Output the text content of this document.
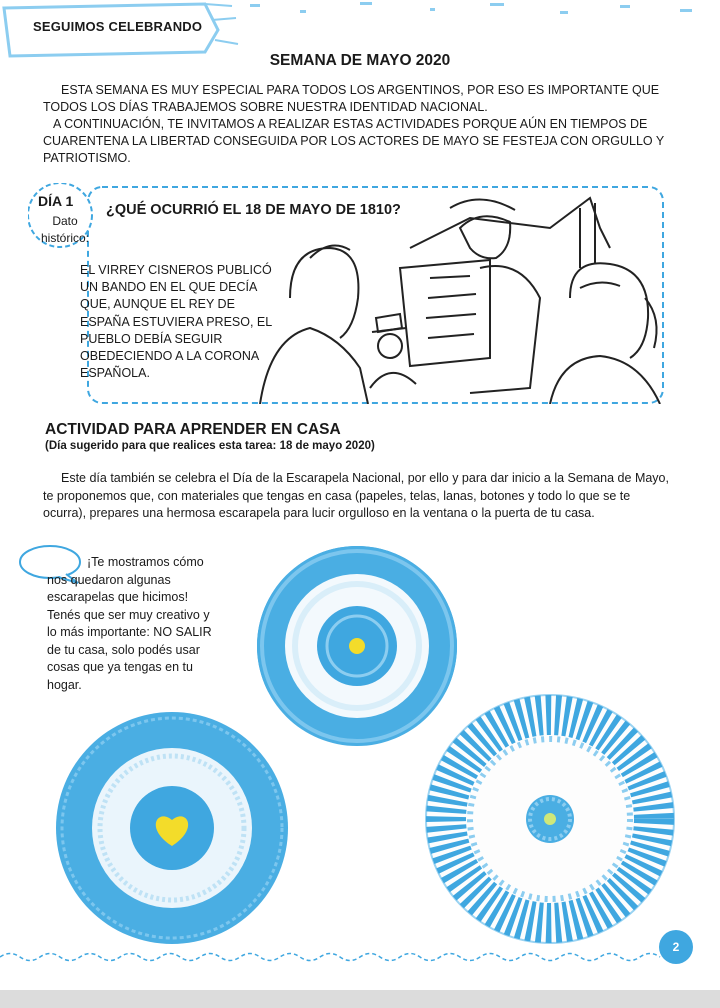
SEGUIMOS CELEBRANDO
SEMANA DE MAYO 2020

ESTA SEMANA ES MUY ESPECIAL PARA TODOS LOS ARGENTINOS, POR ESO ES IMPORTANTE QUE TODOS LOS DÍAS TRABAJEMOS SOBRE NUESTRA IDENTIDAD NACIONAL.

A CONTINUACIÓN, TE INVITAMOS A REALIZAR ESTAS ACTIVIDADES PORQUE AÚN EN TIEMPOS DE CUARENTENA LA LIBERTAD CONSEGUIDA POR LOS ACTORES DE MAYO SE FESTEJA CON ORGULLO Y PATRIOTISMO.

DÍA 1
Dato histórico:
¿QUÉ OCURRIÓ EL 18 DE MAYO DE 1810?
EL VIRREY CISNEROS PUBLICÓ UN BANDO EN EL QUE DECÍA QUE, AUNQUE EL REY DE ESPAÑA ESTUVIERA PRESO, EL PUEBLO DEBÍA SEGUIR OBEDECIENDO A LA CORONA ESPAÑOLA.
ACTIVIDAD PARA APRENDER EN CASA
(Día sugerido para que realices esta tarea: 18 de mayo 2020)
Este día también se celebra el Día de la Escarapela Nacional, por ello y para dar inicio a la Semana de Mayo, te proponemos que, con materiales que tengas en casa (papeles, telas, lanas, botones y todo lo que se te ocurra), prepares una hermosa escarapela para lucir orgulloso en la ventana o la puerta de tu casa.
¡Te mostramos cómo nos quedaron algunas escarapelas que hicimos! Tenés que ser muy creativo y lo más importante: NO SALIR de tu casa, solo podés usar cosas que ya tengas en tu hogar.
2
